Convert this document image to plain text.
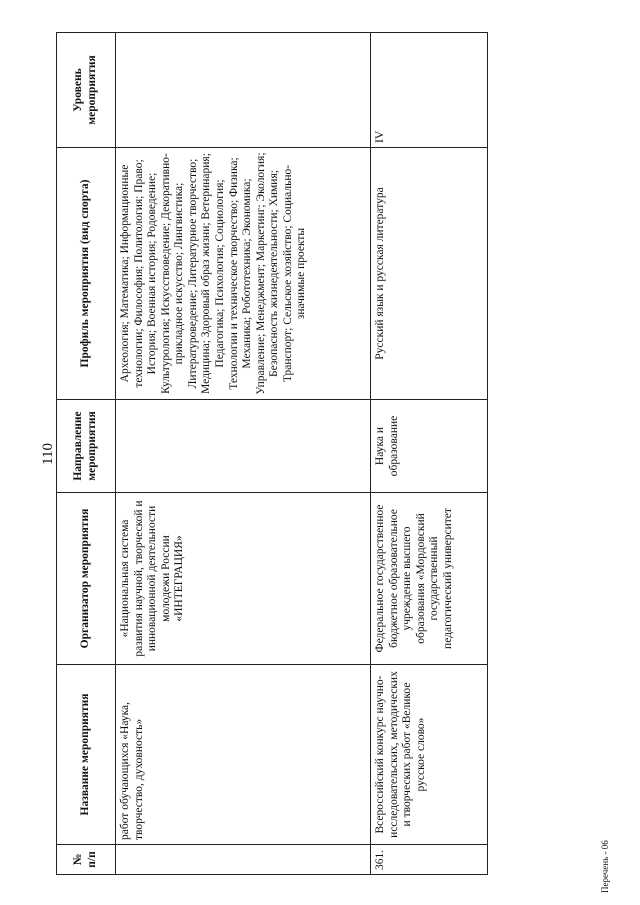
110
№ п/п	Название мероприятия	Организатор мероприятия	Направление мероприятия	Профиль мероприятия (вид спорта)	Уровень мероприятия
	работ обучающихся «Наука, творчество, духовность»	«Национальная система развития научной, творческой и инновационной деятельности молодежи России «ИНТЕГРАЦИЯ»		Археология; Математика; Информационные технологии; Философия; Политология; Право; История; Военная история; Родоведение; Культурология; Искусствоведение; Декоративно-прикладное искусство; Лингвистика; Литературоведение; Литературное творчество; Медицина; Здоровый образ жизни; Ветеринария; Педагогика; Психология; Социология; Технологии и техническое творчество; Физика; Механика; Робототехника; Экономика; Управление; Менеджмент; Маркетинг; Экология; Безопасность жизнедеятельности; Химия; Транспорт; Сельское хозяйство; Социально-значимые проекты	
361.	Всероссийский конкурс научно-исследовательских, методических и творческих работ «Великое русское слово»	Федеральное государственное бюджетное образовательное учреждение высшего образования «Мордовский государственный педагогический университет	Наука и образование	Русский язык и русская литература	IV
Перечень - 06
